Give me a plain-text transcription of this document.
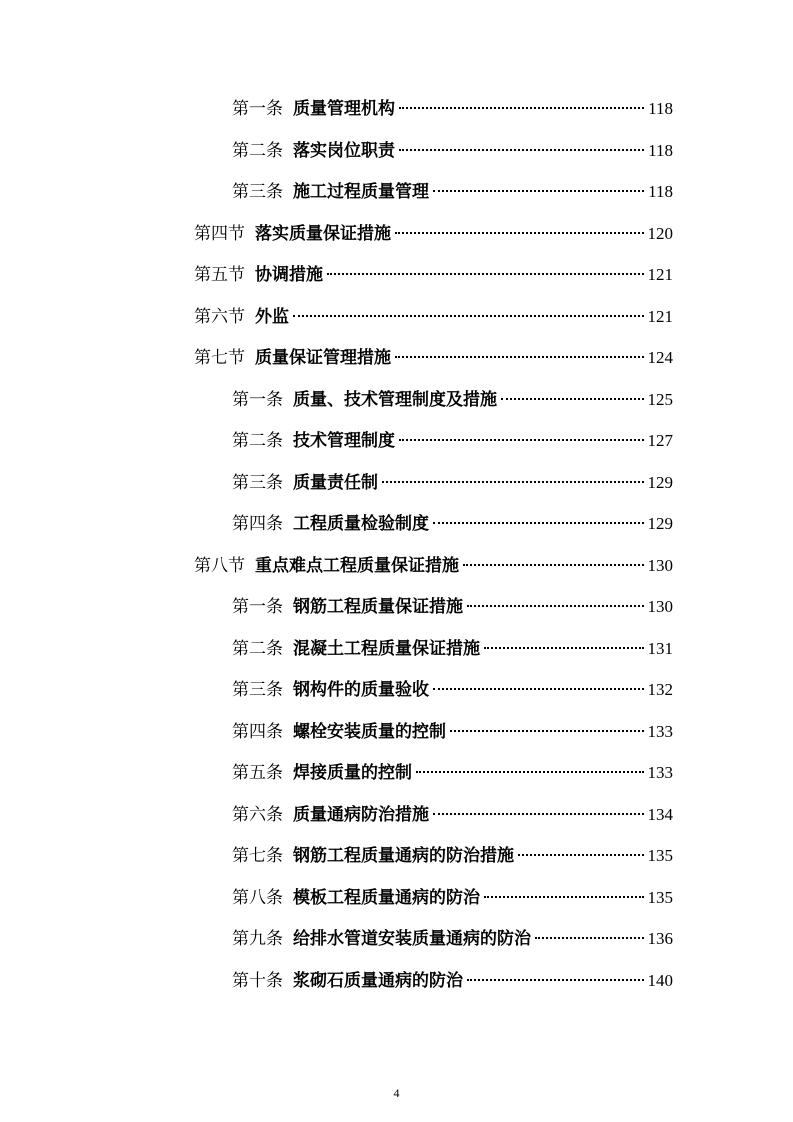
第一条 质量管理机构	118
第二条 落实岗位职责	118
第三条 施工过程质量管理	118
第四节 落实质量保证措施	120
第五节 协调措施	121
第六节 外监	121
第七节 质量保证管理措施	124
第一条 质量、技术管理制度及措施	125
第二条 技术管理制度	127
第三条 质量责任制	129
第四条 工程质量检验制度	129
第八节 重点难点工程质量保证措施	130
第一条 钢筋工程质量保证措施	130
第二条 混凝土工程质量保证措施	131
第三条 钢构件的质量验收	132
第四条 螺栓安装质量的控制	133
第五条 焊接质量的控制	133
第六条 质量通病防治措施	134
第七条 钢筋工程质量通病的防治措施	135
第八条 模板工程质量通病的防治	135
第九条 给排水管道安装质量通病的防治	136
第十条 浆砌石质量通病的防治	140
4
